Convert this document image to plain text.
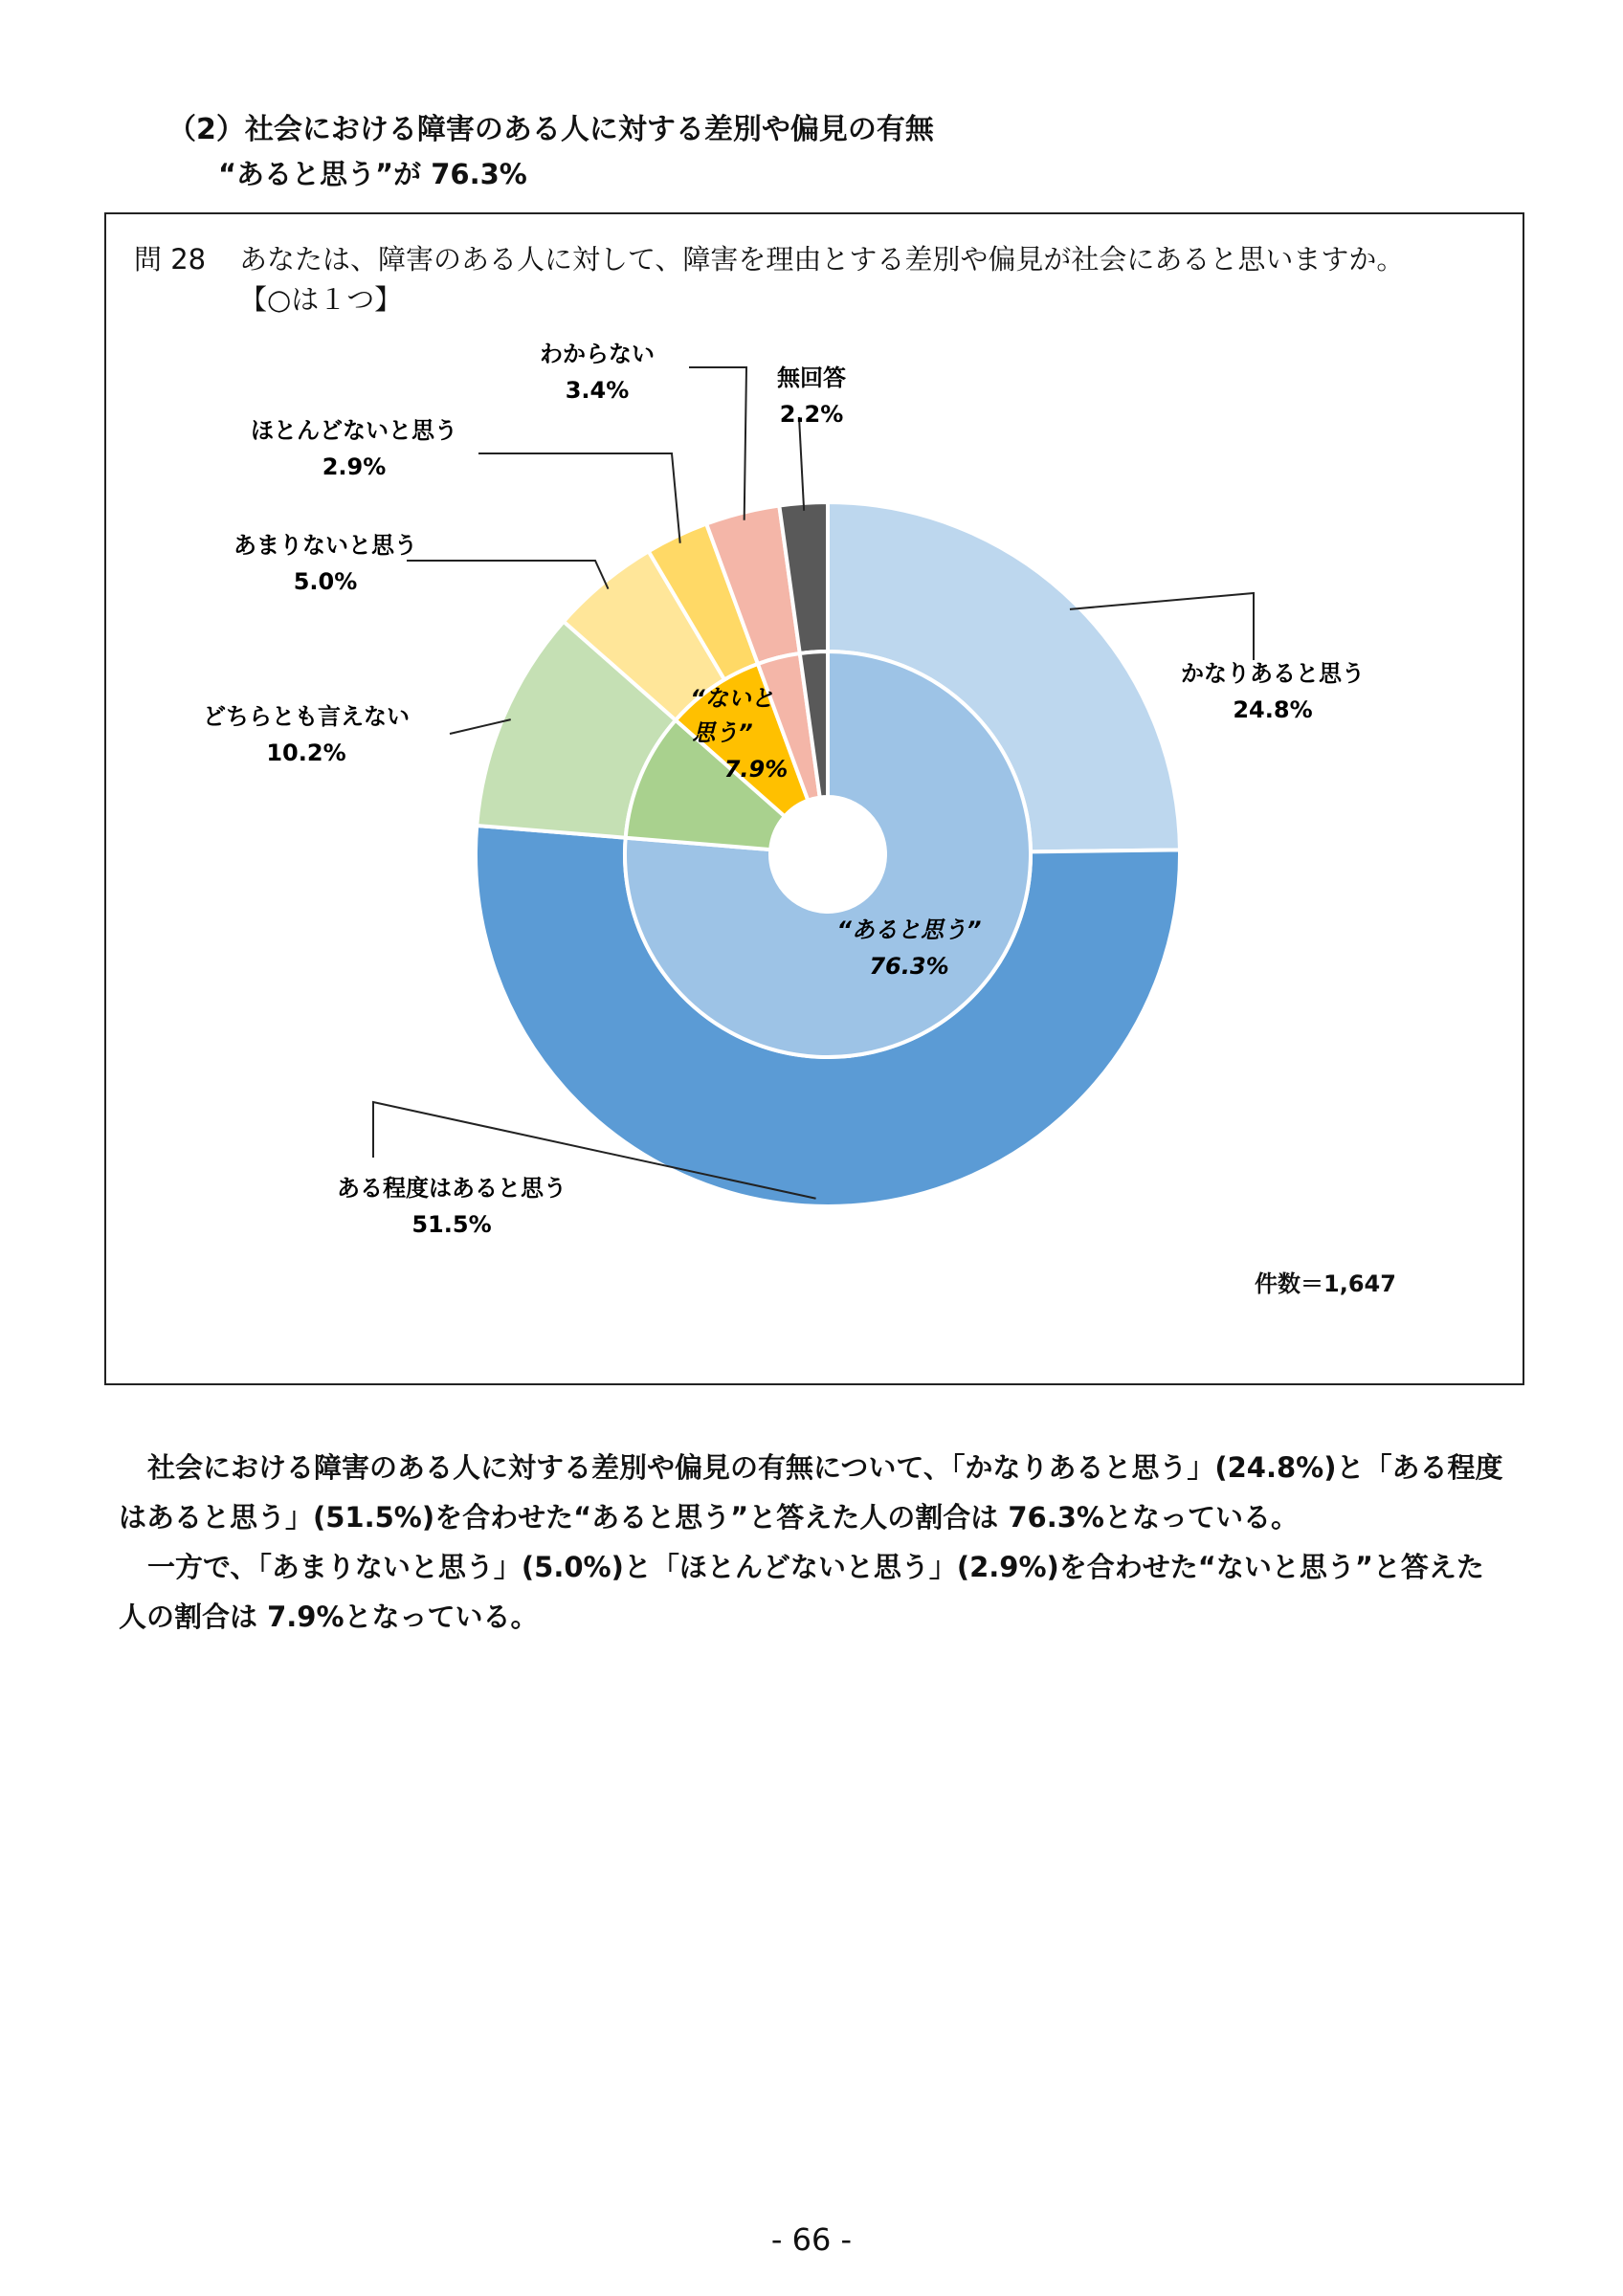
（2）社会における障害のある人に対する差別や偏見の有無
“あると思う”が 76.3%
問 28 あなたは、障害のある人に対して、障害を理由とする差別や偏見が社会にあると思いますか。
【○は１つ】
かなりあると思う
24.8%
ある程度はあると思う
51.5%
どちらとも言えない
10.2%
あまりないと思う
5.0%
ほとんどないと思う
2.9%
わからない
3.4%	無回答
2.2%
“あると思う”
76.3%
“ないと
思う”
7.9%
件数＝1,647

社会における障害のある人に対する差別や偏見の有無について、「かなりあると思う」(24.8%)と「ある程度はあると思う」(51.5%)を合わせた“あると思う”と答えた人の割合は 76.3%となっている。

一方で、「あまりないと思う」(5.0%)と「ほとんどないと思う」(2.9%)を合わせた“ないと思う”と答えた人の割合は 7.9%となっている。

- 66 -
